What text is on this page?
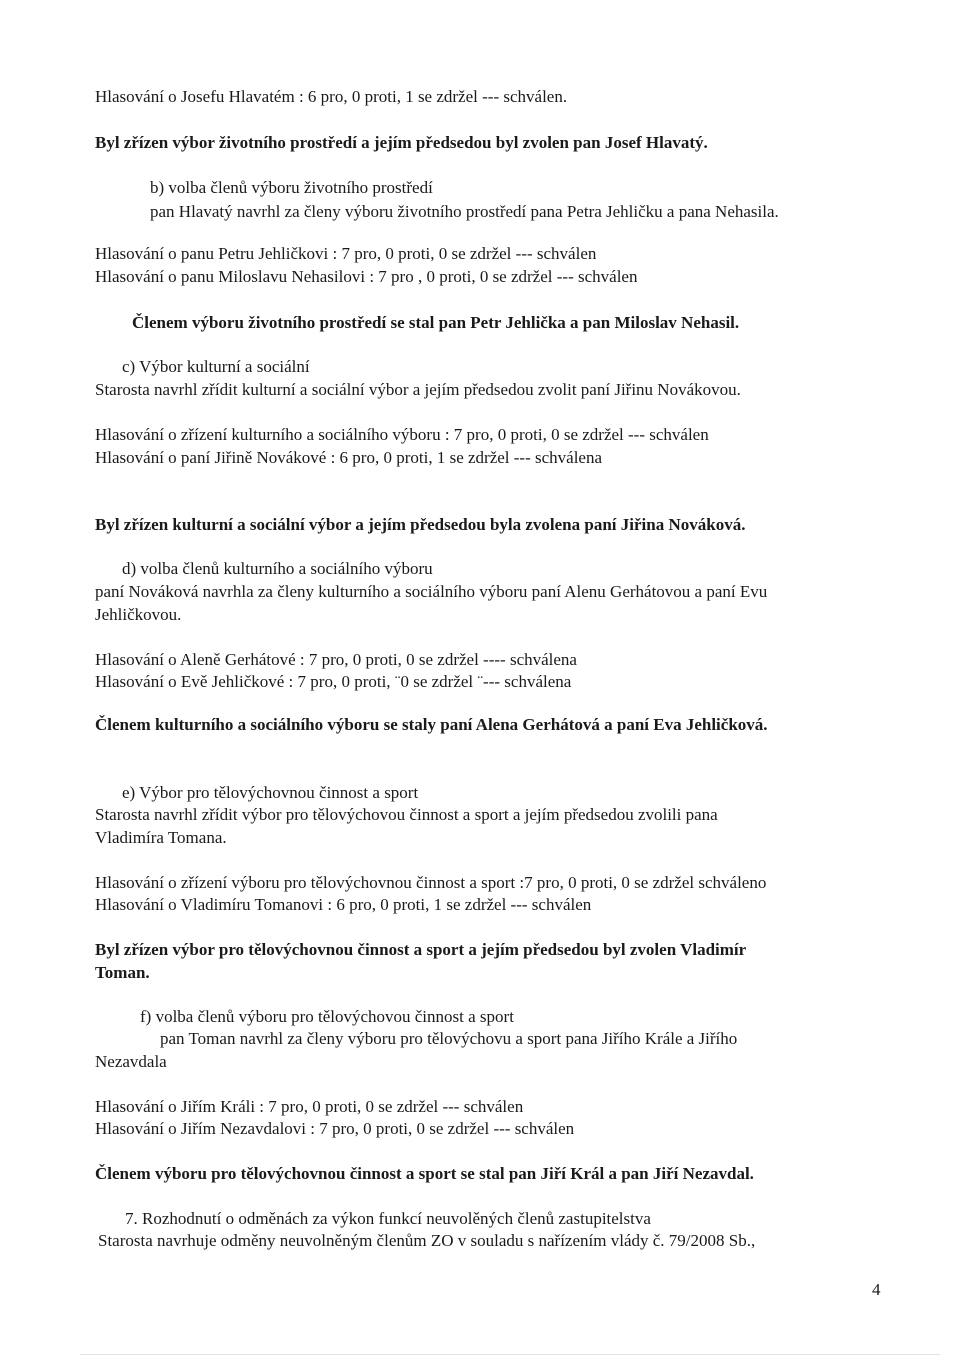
Hlasování o Josefu Hlavatém : 6 pro, 0 proti, 1 se zdržel --- schválen.
Byl zřízen výbor životního prostředí a jejím předsedou byl zvolen pan Josef Hlavatý.
b) volba členů výboru životního prostředí
pan Hlavatý navrhl za členy výboru životního prostředí pana Petra Jehličku a pana Nehasila.
Hlasování o panu Petru Jehličkovi : 7 pro, 0 proti, 0 se zdržel --- schválen
Hlasování o panu Miloslavu Nehasilovi : 7 pro , 0 proti, 0 se zdržel --- schválen
Členem výboru životního prostředí se stal pan Petr Jehlička a pan Miloslav Nehasil.
c) Výbor kulturní a sociální
Starosta navrhl zřídit kulturní a sociální výbor a jejím předsedou zvolit paní Jiřinu Novákovou.
Hlasování o zřízení kulturního a sociálního výboru : 7 pro, 0 proti, 0 se zdržel --- schválen
Hlasování o paní Jiřině Novákové : 6 pro, 0 proti, 1 se zdržel --- schválena
Byl zřízen kulturní a sociální výbor a jejím předsedou byla zvolena paní Jiřina Nováková.
d) volba členů kulturního a sociálního výboru
paní Nováková navrhla za členy kulturního a sociálního výboru paní Alenu Gerhátovou a paní Evu
Jehličkovou.
Hlasování o Aleně Gerhátové : 7 pro, 0 proti, 0 se zdržel ---- schválena
Hlasování o Evě Jehličkové : 7 pro, 0 proti, ¨0 se zdržel ¨--- schválena
Členem kulturního a sociálního výboru se staly paní Alena Gerhátová a paní Eva Jehličková.
e) Výbor pro tělovýchovnou činnost a sport
Starosta navrhl zřídit výbor pro tělovýchovou činnost a sport a jejím předsedou zvolili pana
Vladimíra Tomana.
Hlasování o zřízení výboru pro tělovýchovnou činnost a sport :7 pro, 0 proti, 0 se zdržel schváleno
Hlasování o Vladimíru Tomanovi : 6 pro, 0 proti, 1 se zdržel --- schválen
Byl zřízen výbor pro tělovýchovnou činnost a sport a jejím předsedou byl zvolen Vladimír
Toman.
f) volba členů výboru pro tělovýchovou činnost a sport
pan Toman navrhl za členy výboru pro tělovýchovu a sport pana Jiřího Krále a Jiřího
Nezavdala
Hlasování o Jiřím Králi : 7 pro, 0 proti, 0 se zdržel --- schválen
Hlasování o Jiřím Nezavdalovi : 7 pro, 0 proti, 0 se zdržel --- schválen
Členem výboru pro tělovýchovnou činnost a sport se stal pan Jiří Král a pan Jiří Nezavdal.
7. Rozhodnutí o odměnách za výkon funkcí neuvolěných členů zastupitelstva
Starosta navrhuje odměny neuvolněným členům ZO v souladu s nařízením vlády č. 79/2008 Sb.,
4
